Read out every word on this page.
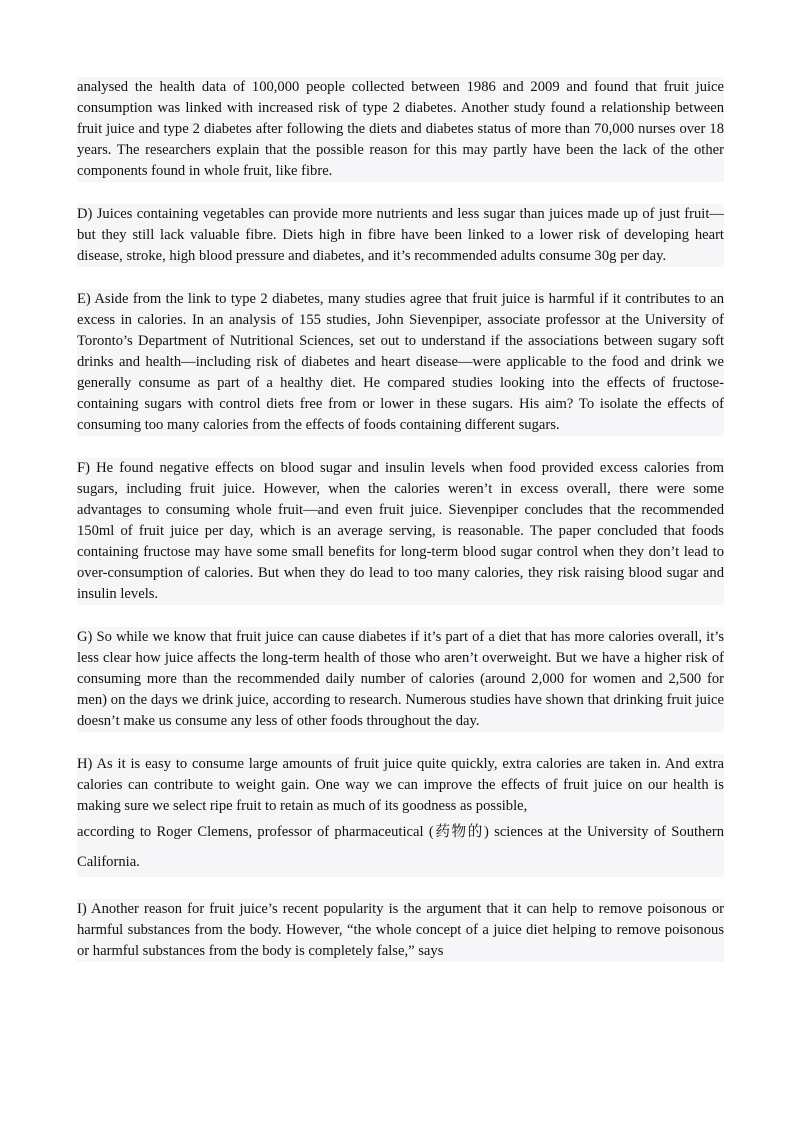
analysed the health data of 100,000 people collected between 1986 and 2009 and found that fruit juice consumption was linked with increased risk of type 2 diabetes. Another study found a relationship between fruit juice and type 2 diabetes after following the diets and diabetes status of more than 70,000 nurses over 18 years. The researchers explain that the possible reason for this may partly have been the lack of the other components found in whole fruit, like fibre.

D) Juices containing vegetables can provide more nutrients and less sugar than juices made up of just fruit—but they still lack valuable fibre. Diets high in fibre have been linked to a lower risk of developing heart disease, stroke, high blood pressure and diabetes, and it’s recommended adults consume 30g per day.

E) Aside from the link to type 2 diabetes, many studies agree that fruit juice is harmful if it contributes to an excess in calories. In an analysis of 155 studies, John Sievenpiper, associate professor at the University of Toronto’s Department of Nutritional Sciences, set out to understand if the associations between sugary soft drinks and health—including risk of diabetes and heart disease—were applicable to the food and drink we generally consume as part of a healthy diet. He compared studies looking into the effects of fructose-containing sugars with control diets free from or lower in these sugars. His aim? To isolate the effects of consuming too many calories from the effects of foods containing different sugars.

F) He found negative effects on blood sugar and insulin levels when food provided excess calories from sugars, including fruit juice. However, when the calories weren’t in excess overall, there were some advantages to consuming whole fruit—and even fruit juice. Sievenpiper concludes that the recommended 150ml of fruit juice per day, which is an average serving, is reasonable. The paper concluded that foods containing fructose may have some small benefits for long-term blood sugar control when they don’t lead to over-consumption of calories. But when they do lead to too many calories, they risk raising blood sugar and insulin levels.

G) So while we know that fruit juice can cause diabetes if it’s part of a diet that has more calories overall, it’s less clear how juice affects the long-term health of those who aren’t overweight. But we have a higher risk of consuming more than the recommended daily number of calories (around 2,000 for women and 2,500 for men) on the days we drink juice, according to research. Numerous studies have shown that drinking fruit juice doesn’t make us consume any less of other foods throughout the day.

H) As it is easy to consume large amounts of fruit juice quite quickly, extra calories are taken in. And extra calories can contribute to weight gain. One way we can improve the effects of fruit juice on our health is making sure we select ripe fruit to retain as much of its goodness as possible,
according to Roger Clemens, professor of pharmaceutical (药物的) sciences at the University of Southern California.

I) Another reason for fruit juice’s recent popularity is the argument that it can help to remove poisonous or harmful substances from the body. However, “the whole concept of a juice diet helping to remove poisonous or harmful substances from the body is completely false,” says
